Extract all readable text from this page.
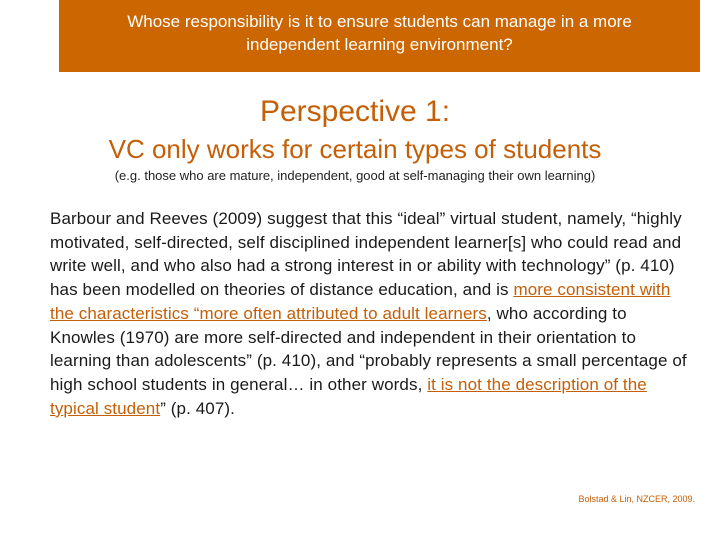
Whose responsibility is it to ensure students can manage in a more
independent learning environment?
Perspective 1:
VC only works for certain types of students
(e.g. those who are mature, independent, good at self-managing their own learning)
Barbour and Reeves (2009) suggest that this “ideal” virtual student, namely, “highly motivated, self-directed, self disciplined independent learner[s] who could read and write well, and who also had a strong interest in or ability with technology” (p. 410) has been modelled on theories of distance education, and is more consistent with the characteristics “more often attributed to adult learners, who according to Knowles (1970) are more self-directed and independent in their orientation to learning than adolescents” (p. 410), and “probably represents a small percentage of high school students in general… in other words, it is not the description of the typical student” (p. 407).
Bolstad & Lin, NZCER, 2009.
